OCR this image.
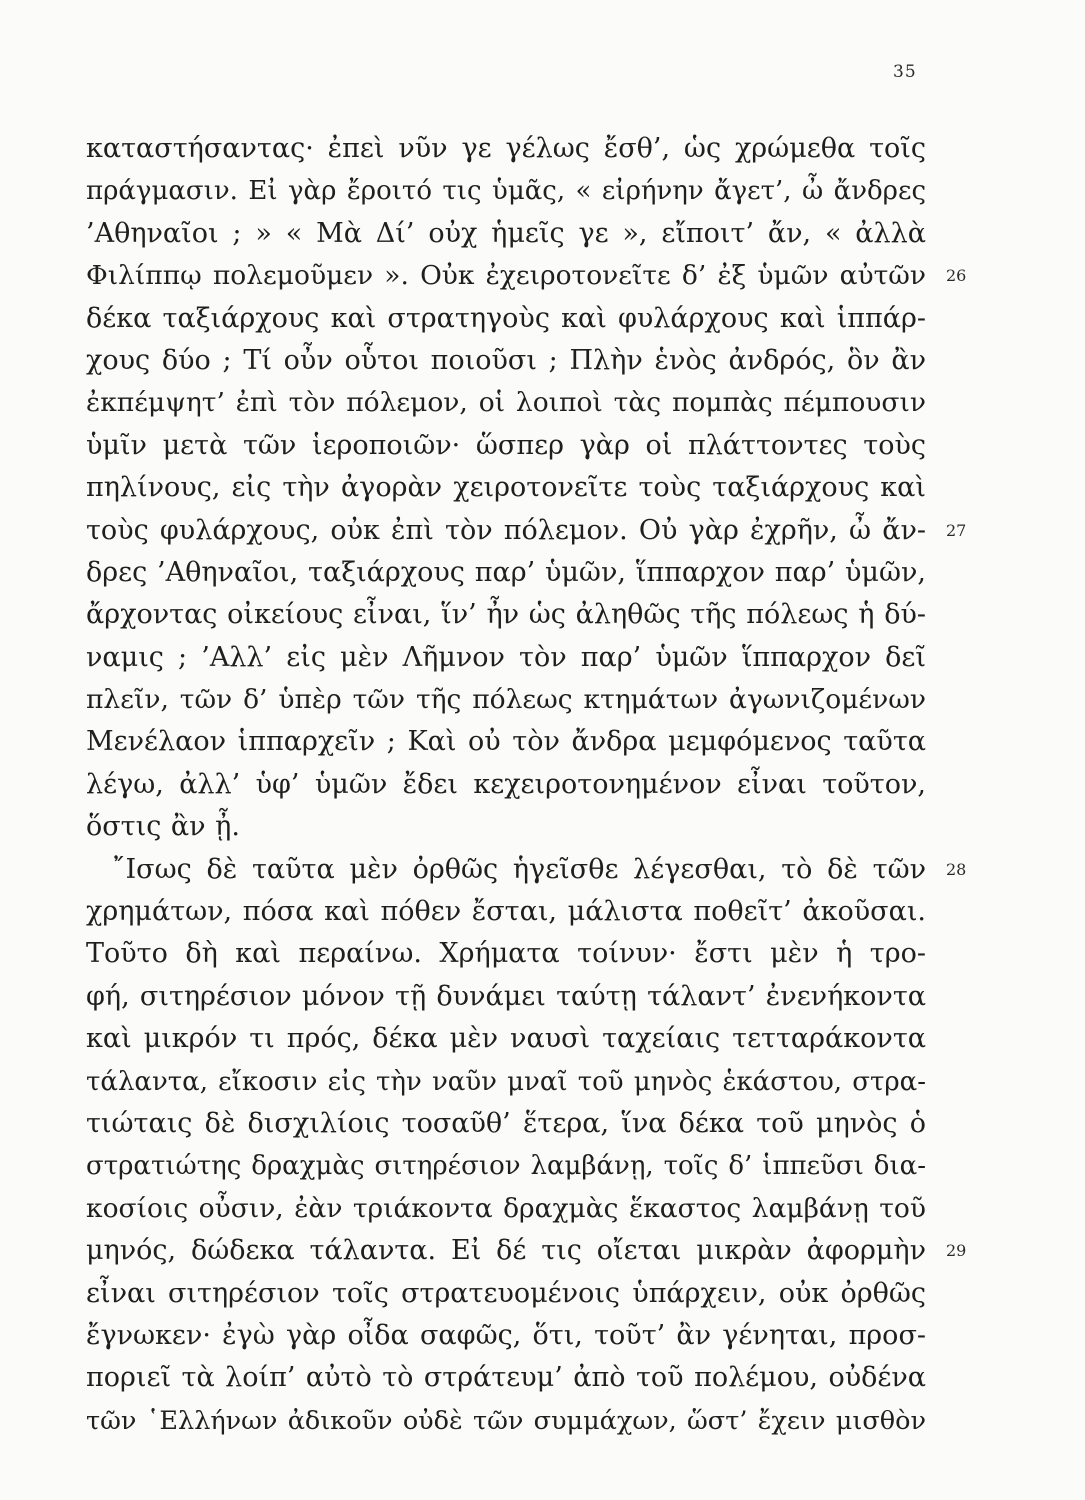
35
καταστήσαντας· ἐπεὶ νῦν γε γέλως ἔσθ’, ὡς χρώμεθα τοῖς
πράγμασιν. Εἰ γὰρ ἔροιτό τις ὑμᾶς, « εἰρήνην ἄγετ’, ὦ ἄνδρες
’Αθηναῖοι ; » « Μὰ Δί’ οὐχ ἡμεῖς γε », εἴποιτ’ ἄν, « ἀλλὰ
Φιλίππῳ πολεμοῦμεν ». Οὐκ ἐχειροτονεῖτε δ’ ἐξ ὑμῶν αὐτῶν 26
δέκα ταξιάρχους καὶ στρατηγοὺς καὶ φυλάρχους καὶ ἱππάρ-
χους δύο ; Τί οὖν οὗτοι ποιοῦσι ; Πλὴν ἑνὸς ἀνδρός, ὃν ἂν
ἐκπέμψητ’ ἐπὶ τὸν πόλεμον, οἱ λοιποὶ τὰς πομπὰς πέμπουσιν
ὑμῖν μετὰ τῶν ἱεροποιῶν· ὥσπερ γὰρ οἱ πλάττοντες τοὺς
πηλίνους, εἰς τὴν ἀγορὰν χειροτονεῖτε τοὺς ταξιάρχους καὶ
τοὺς φυλάρχους, οὐκ ἐπὶ τὸν πόλεμον. Οὐ γὰρ ἐχρῆν, ὦ ἄν- 27
δρες ’Αθηναῖοι, ταξιάρχους παρ’ ὑμῶν, ἵππαρχον παρ’ ὑμῶν,
ἄρχοντας οἰκείους εἶναι, ἵν’ ἦν ὡς ἀληθῶς τῆς πόλεως ἡ δύ-
ναμις ; ’Αλλ’ εἰς μὲν Λῆμνον τὸν παρ’ ὑμῶν ἵππαρχον δεῖ
πλεῖν, τῶν δ’ ὑπὲρ τῶν τῆς πόλεως κτημάτων ἀγωνιζομένων
Μενέλαον ἱππαρχεῖν ; Καὶ οὐ τὸν ἄνδρα μεμφόμενος ταῦτα
λέγω, ἀλλ’ ὑφ’ ὑμῶν ἔδει κεχειροτονημένον εἶναι τοῦτον,
ὅστις ἂν ᾖ.
῎Ισως δὲ ταῦτα μὲν ὀρθῶς ἡγεῖσθε λέγεσθαι, τὸ δὲ τῶν 28
χρημάτων, πόσα καὶ πόθεν ἔσται, μάλιστα ποθεῖτ’ ἀκοῦσαι.
Τοῦτο δὴ καὶ περαίνω. Χρήματα τοίνυν· ἔστι μὲν ἡ τρο-
φή, σιτηρέσιον μόνον τῇ δυνάμει ταύτῃ τάλαντ’ ἐνενήκοντα
καὶ μικρόν τι πρός, δέκα μὲν ναυσὶ ταχείαις τετταράκοντα
τάλαντα, εἴκοσιν εἰς τὴν ναῦν μναῖ τοῦ μηνὸς ἑκάστου, στρα-
τιώταις δὲ δισχιλίοις τοσαῦθ’ ἕτερα, ἵνα δέκα τοῦ μηνὸς ὁ
στρατιώτης δραχμὰς σιτηρέσιον λαμβάνῃ, τοῖς δ’ ἱππεῦσι δια-
κοσίοις οὖσιν, ἐὰν τριάκοντα δραχμὰς ἕκαστος λαμβάνῃ τοῦ
μηνός, δώδεκα τάλαντα. Εἰ δέ τις οἴεται μικρὰν ἀφορμὴν 29
εἶναι σιτηρέσιον τοῖς στρατευομένοις ὑπάρχειν, οὐκ ὀρθῶς
ἔγνωκεν· ἐγὼ γὰρ οἶδα σαφῶς, ὅτι, τοῦτ’ ἂν γένηται, προσ-
ποριεῖ τὰ λοίπ’ αὐτὸ τὸ στράτευμ’ ἀπὸ τοῦ πολέμου, οὐδένα
τῶν ῾Ελλήνων ἀδικοῦν οὐδὲ τῶν συμμάχων, ὥστ’ ἔχειν μισθὸν
